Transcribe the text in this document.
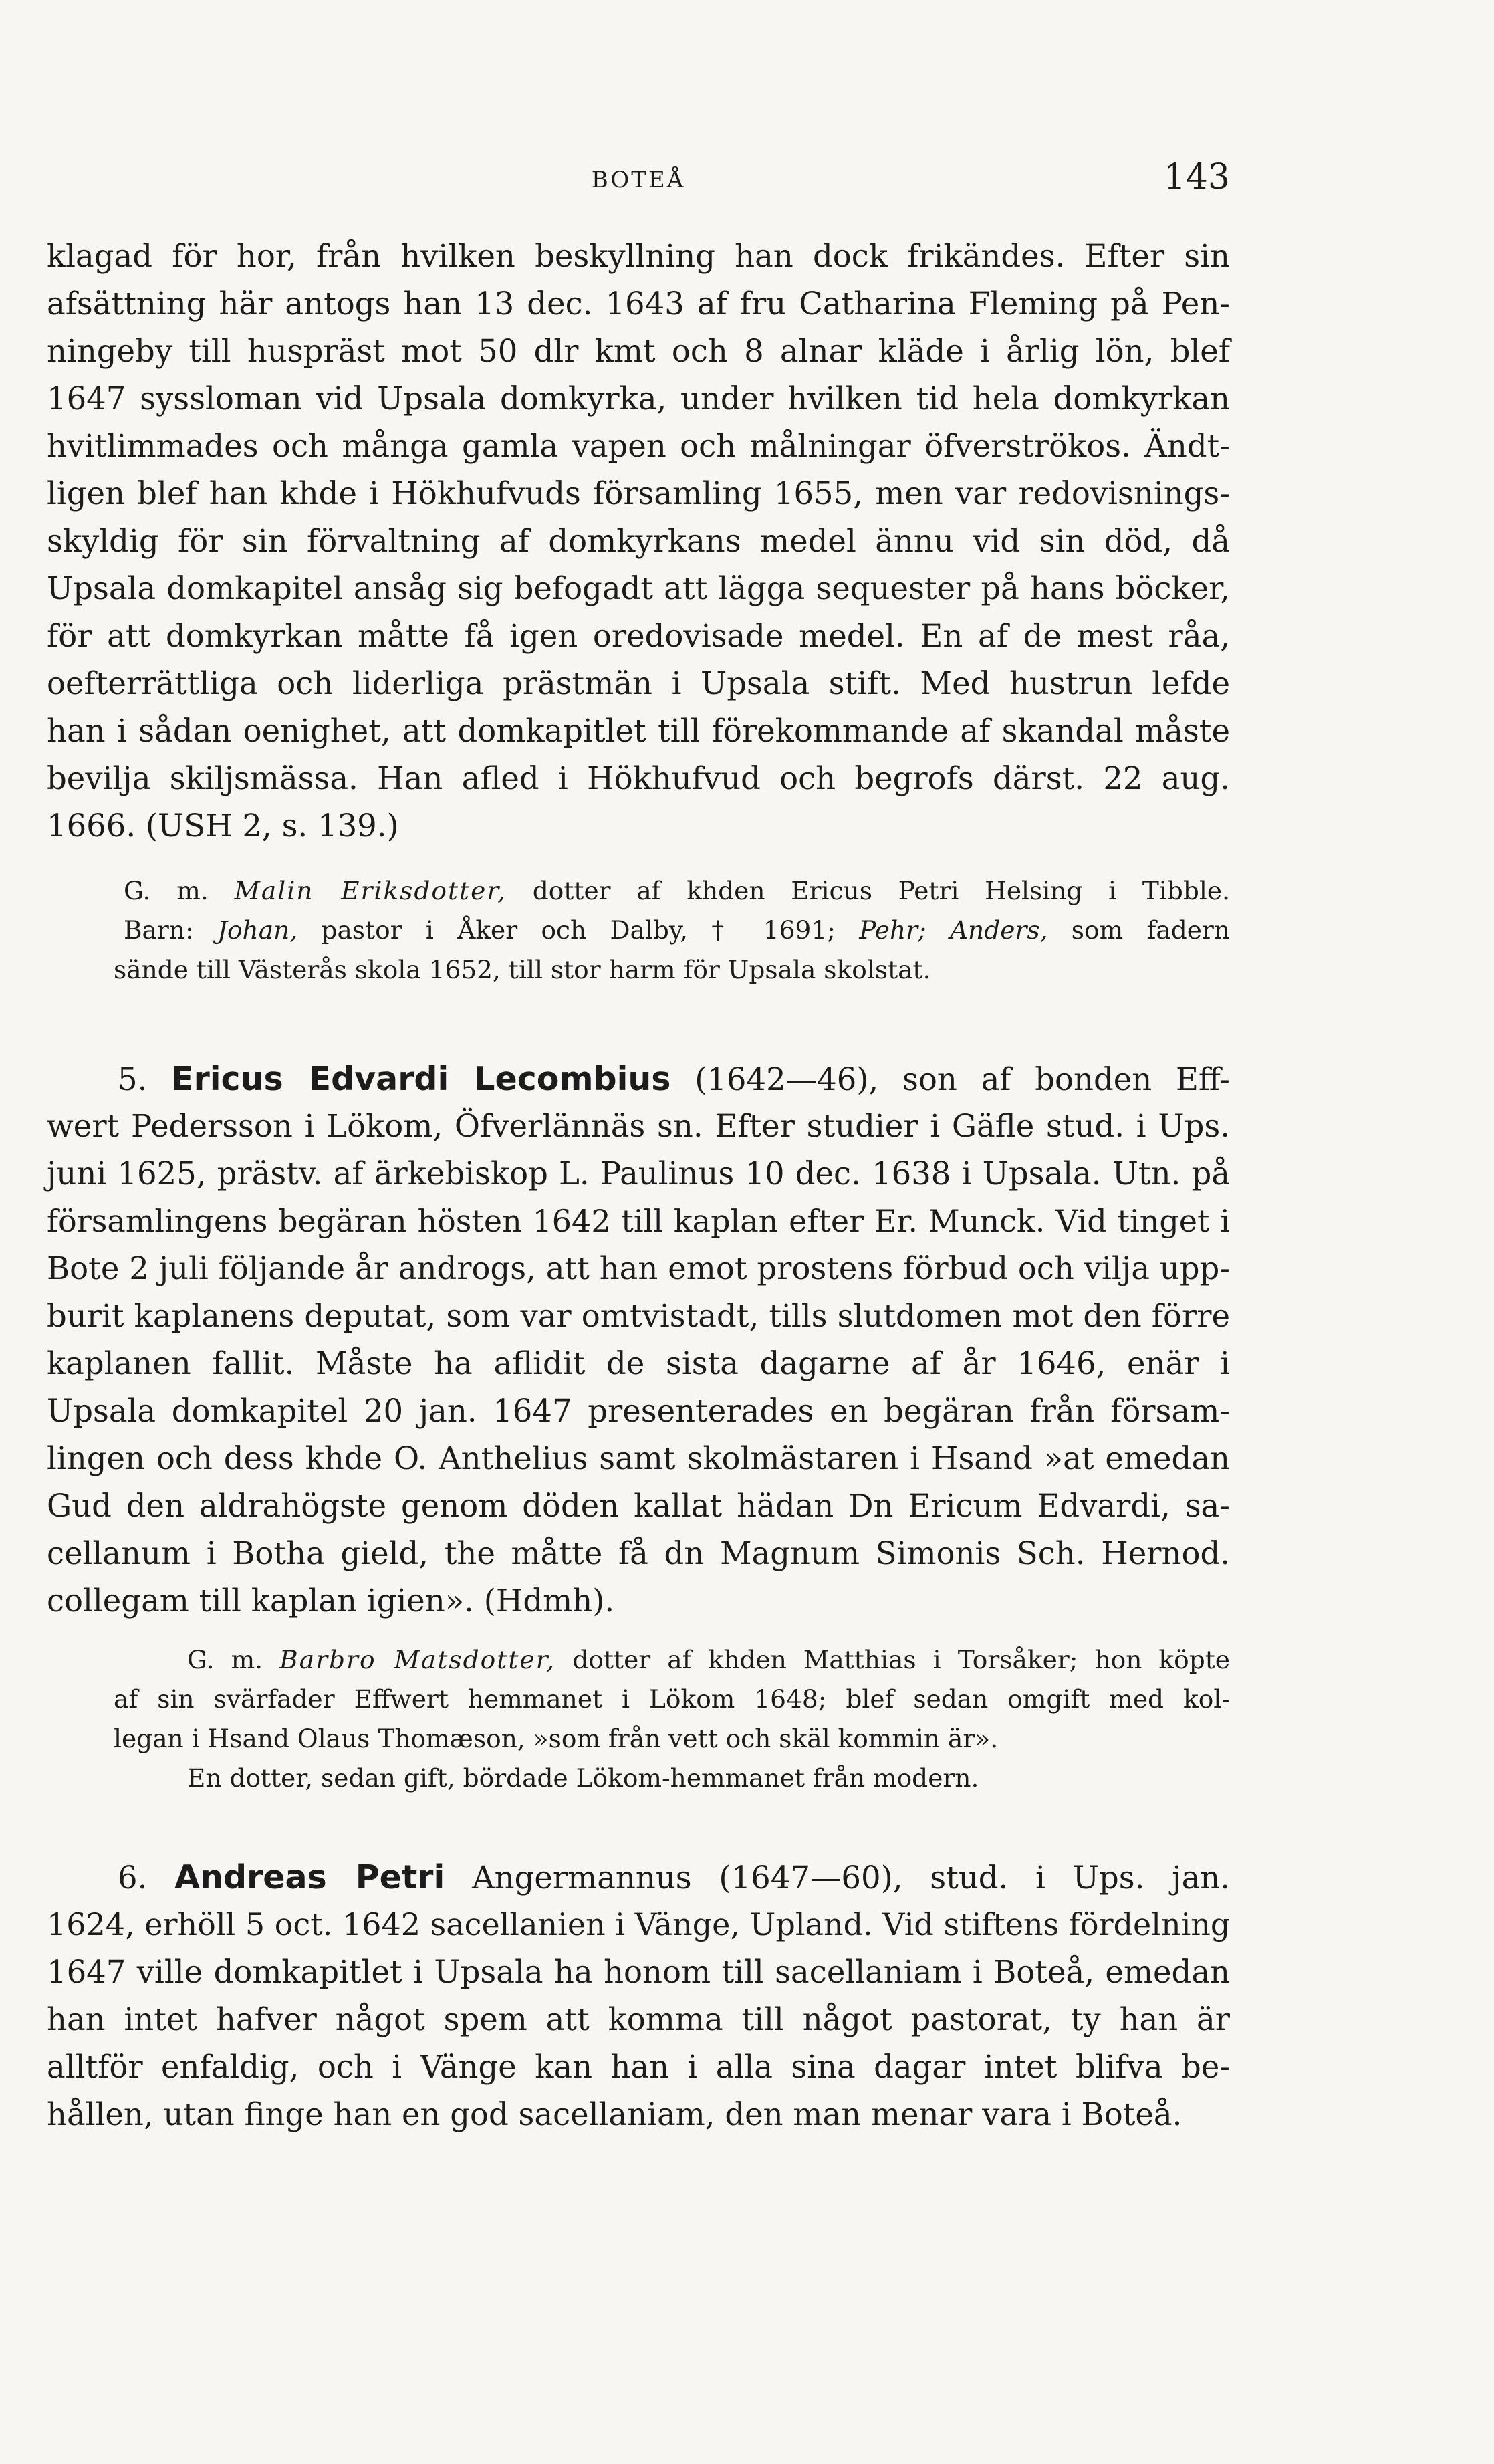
BOTEÅ	143
klagad för hor, från hvilken beskyllning han dock frikändes. Efter sin
afsättning här antogs han 13 dec. 1643 af fru Catharina Fleming på Pen-
ningeby till huspräst mot 50 dlr kmt och 8 alnar kläde i årlig lön, blef
1647 syssloman vid Upsala domkyrka, under hvilken tid hela domkyrkan
hvitlimmades och många gamla vapen och målningar öfverströkos. Ändt-
ligen blef han khde i Hökhufvuds församling 1655, men var redovisnings-
skyldig för sin förvaltning af domkyrkans medel ännu vid sin död, då
Upsala domkapitel ansåg sig befogadt att lägga sequester på hans böcker,
för att domkyrkan måtte få igen oredovisade medel. En af de mest råa,
oefterrättliga och liderliga prästmän i Upsala stift. Med hustrun lefde
han i sådan oenighet, att domkapitlet till förekommande af skandal måste
bevilja skiljsmässa. Han afled i Hökhufvud och begrofs därst. 22 aug.
1666. (USH 2, s. 139.)
G. m. Malin Eriksdotter, dotter af khden Ericus Petri Helsing i Tibble.
Barn: Johan, pastor i Åker och Dalby, † 1691; Pehr; Anders, som fadern
sände till Västerås skola 1652, till stor harm för Upsala skolstat.
5. Ericus Edvardi Lecombius (1642—46), son af bonden Eff-
wert Pedersson i Lökom, Öfverlännäs sn. Efter studier i Gäfle stud. i Ups.
juni 1625, prästv. af ärkebiskop L. Paulinus 10 dec. 1638 i Upsala. Utn. på
församlingens begäran hösten 1642 till kaplan efter Er. Munck. Vid tinget i
Bote 2 juli följande år androgs, att han emot prostens förbud och vilja upp-
burit kaplanens deputat, som var omtvistadt, tills slutdomen mot den förre
kaplanen fallit. Måste ha aflidit de sista dagarne af år 1646, enär i
Upsala domkapitel 20 jan. 1647 presenterades en begäran från försam-
lingen och dess khde O. Anthelius samt skolmästaren i Hsand »at emedan
Gud den aldrahögste genom döden kallat hädan Dn Ericum Edvardi, sa-
cellanum i Botha gield, the måtte få dn Magnum Simonis Sch. Hernod.
collegam till kaplan igien». (Hdmh).
G. m. Barbro Matsdotter, dotter af khden Matthias i Torsåker; hon köpte
af sin svärfader Effwert hemmanet i Lökom 1648; blef sedan omgift med kol-
legan i Hsand Olaus Thomæson, »som från vett och skäl kommin är».
En dotter, sedan gift, bördade Lökom-hemmanet från modern.
6. Andreas Petri Angermannus (1647—60), stud. i Ups. jan.
1624, erhöll 5 oct. 1642 sacellanien i Vänge, Upland. Vid stiftens fördelning
1647 ville domkapitlet i Upsala ha honom till sacellaniam i Boteå, emedan
han intet hafver något spem att komma till något pastorat, ty han är
alltför enfaldig, och i Vänge kan han i alla sina dagar intet blifva be-
hållen, utan finge han en god sacellaniam, den man menar vara i Boteå.
